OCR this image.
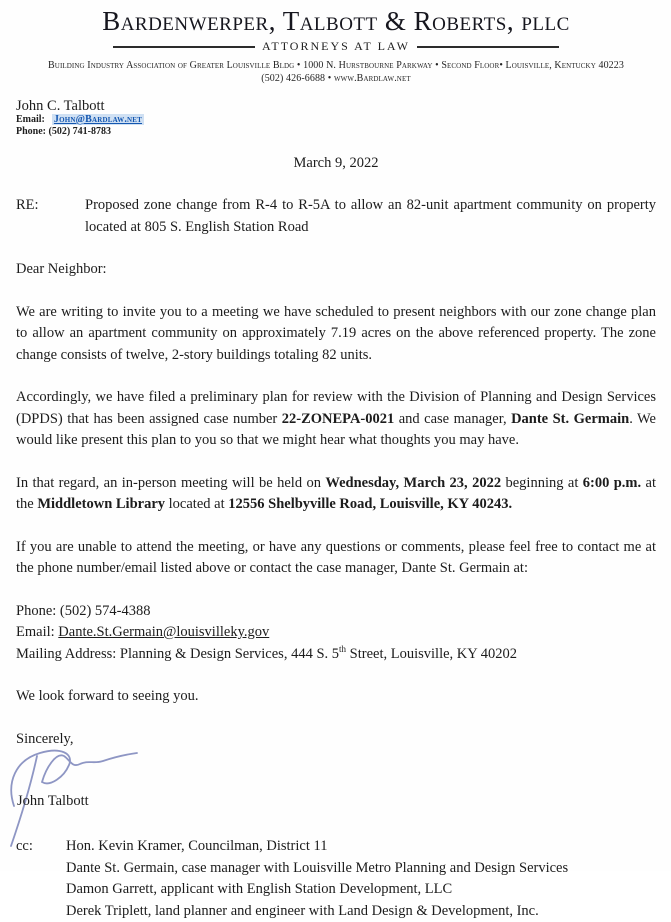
Bardenwerper, Talbott & Roberts, pllc
ATTORNEYS AT LAW
Building Industry Association of Greater Louisville Bldg • 1000 N. Hurstbourne Parkway • Second Floor• Louisville, Kentucky 40223
(502) 426-6688 • www.Bardlaw.net
John C. Talbott
Email: John@Bardlaw.net
Phone: (502) 741-8783
March 9, 2022
RE:	Proposed zone change from R-4 to R-5A to allow an 82-unit apartment community on property located at 805 S. English Station Road
Dear Neighbor:

We are writing to invite you to a meeting we have scheduled to present neighbors with our zone change plan to allow an apartment community on approximately 7.19 acres on the above referenced property. The zone change consists of twelve, 2-story buildings totaling 82 units.

Accordingly, we have filed a preliminary plan for review with the Division of Planning and Design Services (DPDS) that has been assigned case number 22-ZONEPA-0021 and case manager, Dante St. Germain. We would like present this plan to you so that we might hear what thoughts you may have.

In that regard, an in-person meeting will be held on Wednesday, March 23, 2022 beginning at 6:00 p.m. at the Middletown Library located at 12556 Shelbyville Road, Louisville, KY 40243.

If you are unable to attend the meeting, or have any questions or comments, please feel free to contact me at the phone number/email listed above or contact the case manager, Dante St. Germain at:

Phone: (502) 574-4388
Email: Dante.St.Germain@louisvilleky.gov
Mailing Address: Planning & Design Services, 444 S. 5th Street, Louisville, KY 40202
We look forward to seeing you.
Sincerely,
John Talbott
cc:	Hon. Kevin Kramer, Councilman, District 11
Dante St. Germain, case manager with Louisville Metro Planning and Design Services
Damon Garrett, applicant with English Station Development, LLC
Derek Triplett, land planner and engineer with Land Design & Development, Inc.
